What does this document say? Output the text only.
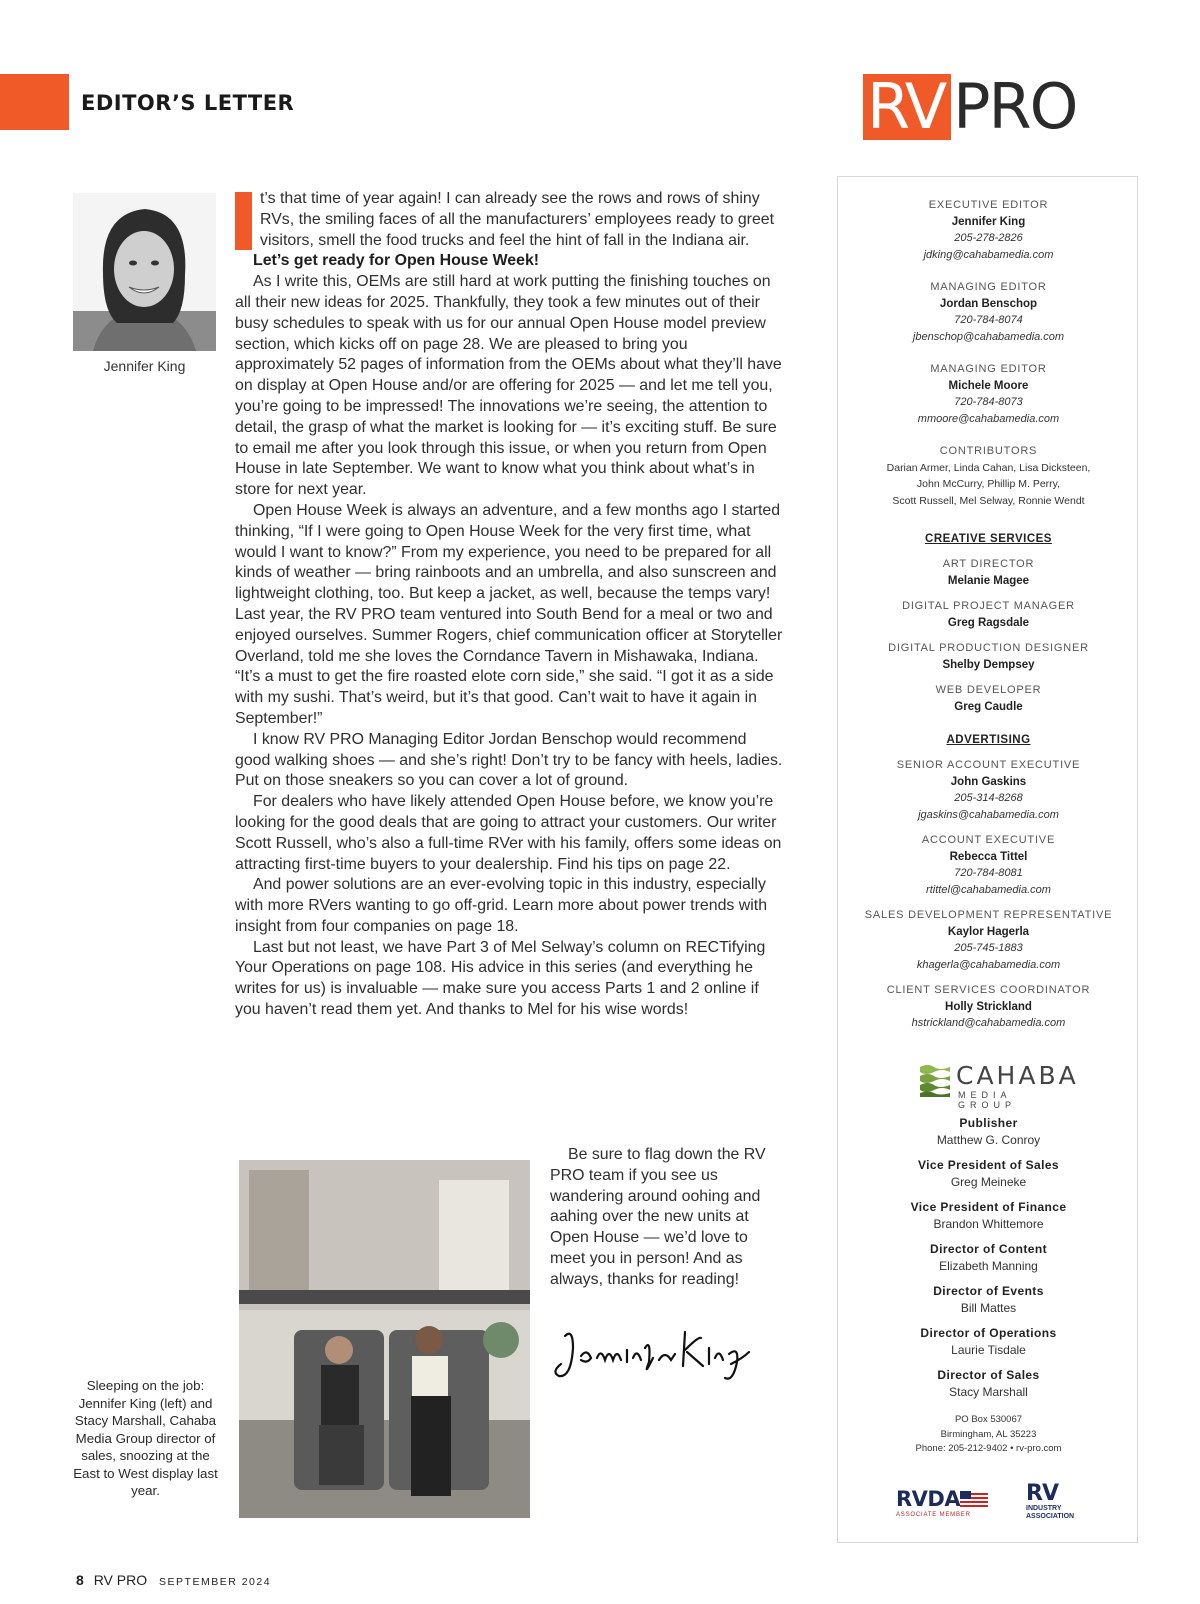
EDITOR’S LETTER	RV PRO
Jennifer King

t’s that time of year again! I can already see the rows and rows of shiny RVs, the smiling faces of all the manufacturers’ employees ready to greet visitors, smell the food trucks and feel the hint of fall in the Indiana air.

Let’s get ready for Open House Week!

As I write this, OEMs are still hard at work putting the finishing touches on all their new ideas for 2025. Thankfully, they took a few minutes out of their busy schedules to speak with us for our annual Open House model preview section, which kicks off on page 28. We are pleased to bring you approximately 52 pages of information from the OEMs about what they’ll have on display at Open House and/or are offering for 2025 — and let me tell you, you’re going to be impressed! The innovations we’re seeing, the attention to detail, the grasp of what the market is looking for — it’s exciting stuff. Be sure to email me after you look through this issue, or when you return from Open House in late September. We want to know what you think about what’s in store for next year.

Open House Week is always an adventure, and a few months ago I started thinking, “If I were going to Open House Week for the very first time, what would I want to know?” From my experience, you need to be prepared for all kinds of weather — bring rainboots and an umbrella, and also sunscreen and lightweight clothing, too. But keep a jacket, as well, because the temps vary! Last year, the RV PRO team ventured into South Bend for a meal or two and enjoyed ourselves. Summer Rogers, chief communication officer at Storyteller Overland, told me she loves the Corndance Tavern in Mishawaka, Indiana. “It’s a must to get the fire roasted elote corn side,” she said. “I got it as a side with my sushi. That’s weird, but it’s that good. Can’t wait to have it again in September!”

I know RV PRO Managing Editor Jordan Benschop would recommend good walking shoes — and she’s right! Don’t try to be fancy with heels, ladies. Put on those sneakers so you can cover a lot of ground.

For dealers who have likely attended Open House before, we know you’re looking for the good deals that are going to attract your customers. Our writer Scott Russell, who’s also a full-time RVer with his family, offers some ideas on attracting first-time buyers to your dealership. Find his tips on page 22.

And power solutions are an ever-evolving topic in this industry, especially with more RVers wanting to go off-grid. Learn more about power trends with insight from four companies on page 18.

Last but not least, we have Part 3 of Mel Selway’s column on RECTifying Your Operations on page 108. His advice in this series (and everything he writes for us) is invaluable — make sure you access Parts 1 and 2 online if you haven’t read them yet. And thanks to Mel for his wise words!

Sleeping on the job: Jennifer King (left) and Stacy Marshall, Cahaba Media Group director of sales, snoozing at the East to West display last year.

Be sure to flag down the RV PRO team if you see us wandering around oohing and aahing over the new units at Open House — we’d love to meet you in person! And as always, thanks for reading!

EXECUTIVE EDITOR
Jennifer King
205-278-2826
jdking@cahabamedia.com
MANAGING EDITOR
Jordan Benschop
720-784-8074
jbenschop@cahabamedia.com
MANAGING EDITOR
Michele Moore
720-784-8073
mmoore@cahabamedia.com
CONTRIBUTORS
Darian Armer, Linda Cahan, Lisa Dicksteen,
John McCurry, Phillip M. Perry,
Scott Russell, Mel Selway, Ronnie Wendt
CREATIVE SERVICES
ART DIRECTOR
Melanie Magee
DIGITAL PROJECT MANAGER
Greg Ragsdale
DIGITAL PRODUCTION DESIGNER
Shelby Dempsey
WEB DEVELOPER
Greg Caudle
ADVERTISING
SENIOR ACCOUNT EXECUTIVE
John Gaskins
205-314-8268
jgaskins@cahabamedia.com
ACCOUNT EXECUTIVE
Rebecca Tittel
720-784-8081
rtittel@cahabamedia.com
SALES DEVELOPMENT REPRESENTATIVE
Kaylor Hagerla
205-745-1883
khagerla@cahabamedia.com
CLIENT SERVICES COORDINATOR
Holly Strickland
hstrickland@cahabamedia.com
CAHABA
MEDIA GROUP
Publisher
Matthew G. Conroy
Vice President of Sales
Greg Meineke
Vice President of Finance
Brandon Whittemore
Director of Content
Elizabeth Manning
Director of Events
Bill Mattes
Director of Operations
Laurie Tisdale
Director of Sales
Stacy Marshall
PO Box 530067
Birmingham, AL 35223
Phone: 205-212-9402 • rv-pro.com
RVDA
ASSOCIATE MEMBER
RV
INDUSTRY
ASSOCIATION
8 RV PRO SEPTEMBER 2024
